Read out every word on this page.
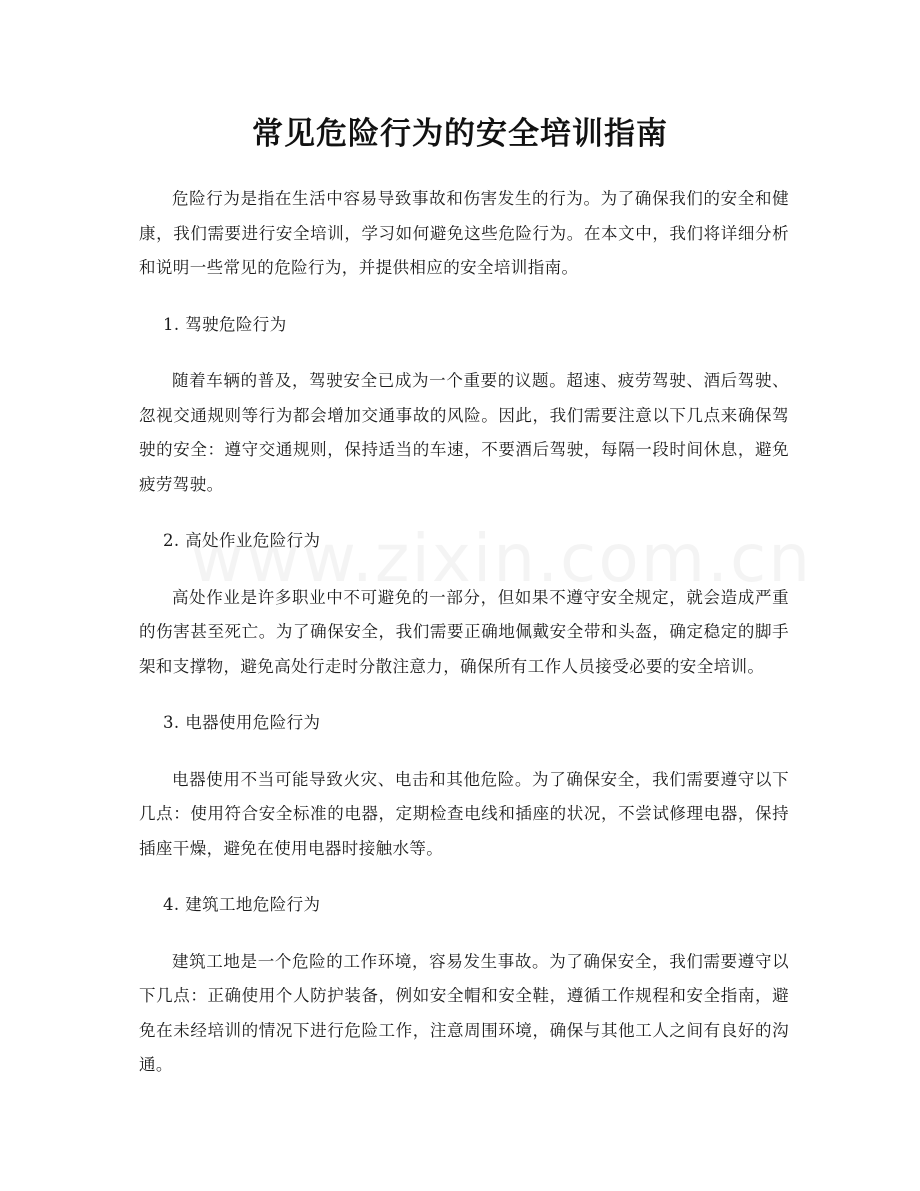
常见危险行为的安全培训指南

危险行为是指在生活中容易导致事故和伤害发生的行为。为了确保我们的安全和健康，我们需要进行安全培训，学习如何避免这些危险行为。在本文中，我们将详细分析和说明一些常见的危险行为，并提供相应的安全培训指南。

1. 驾驶危险行为

随着车辆的普及，驾驶安全已成为一个重要的议题。超速、疲劳驾驶、酒后驾驶、忽视交通规则等行为都会增加交通事故的风险。因此，我们需要注意以下几点来确保驾驶的安全：遵守交通规则，保持适当的车速，不要酒后驾驶，每隔一段时间休息，避免疲劳驾驶。

2. 高处作业危险行为

高处作业是许多职业中不可避免的一部分，但如果不遵守安全规定，就会造成严重的伤害甚至死亡。为了确保安全，我们需要正确地佩戴安全带和头盔，确定稳定的脚手架和支撑物，避免高处行走时分散注意力，确保所有工作人员接受必要的安全培训。

3. 电器使用危险行为

电器使用不当可能导致火灾、电击和其他危险。为了确保安全，我们需要遵守以下几点：使用符合安全标准的电器，定期检查电线和插座的状况，不尝试修理电器，保持插座干燥，避免在使用电器时接触水等。

4. 建筑工地危险行为

建筑工地是一个危险的工作环境，容易发生事故。为了确保安全，我们需要遵守以下几点：正确使用个人防护装备，例如安全帽和安全鞋，遵循工作规程和安全指南，避免在未经培训的情况下进行危险工作，注意周围环境，确保与其他工人之间有良好的沟通。
